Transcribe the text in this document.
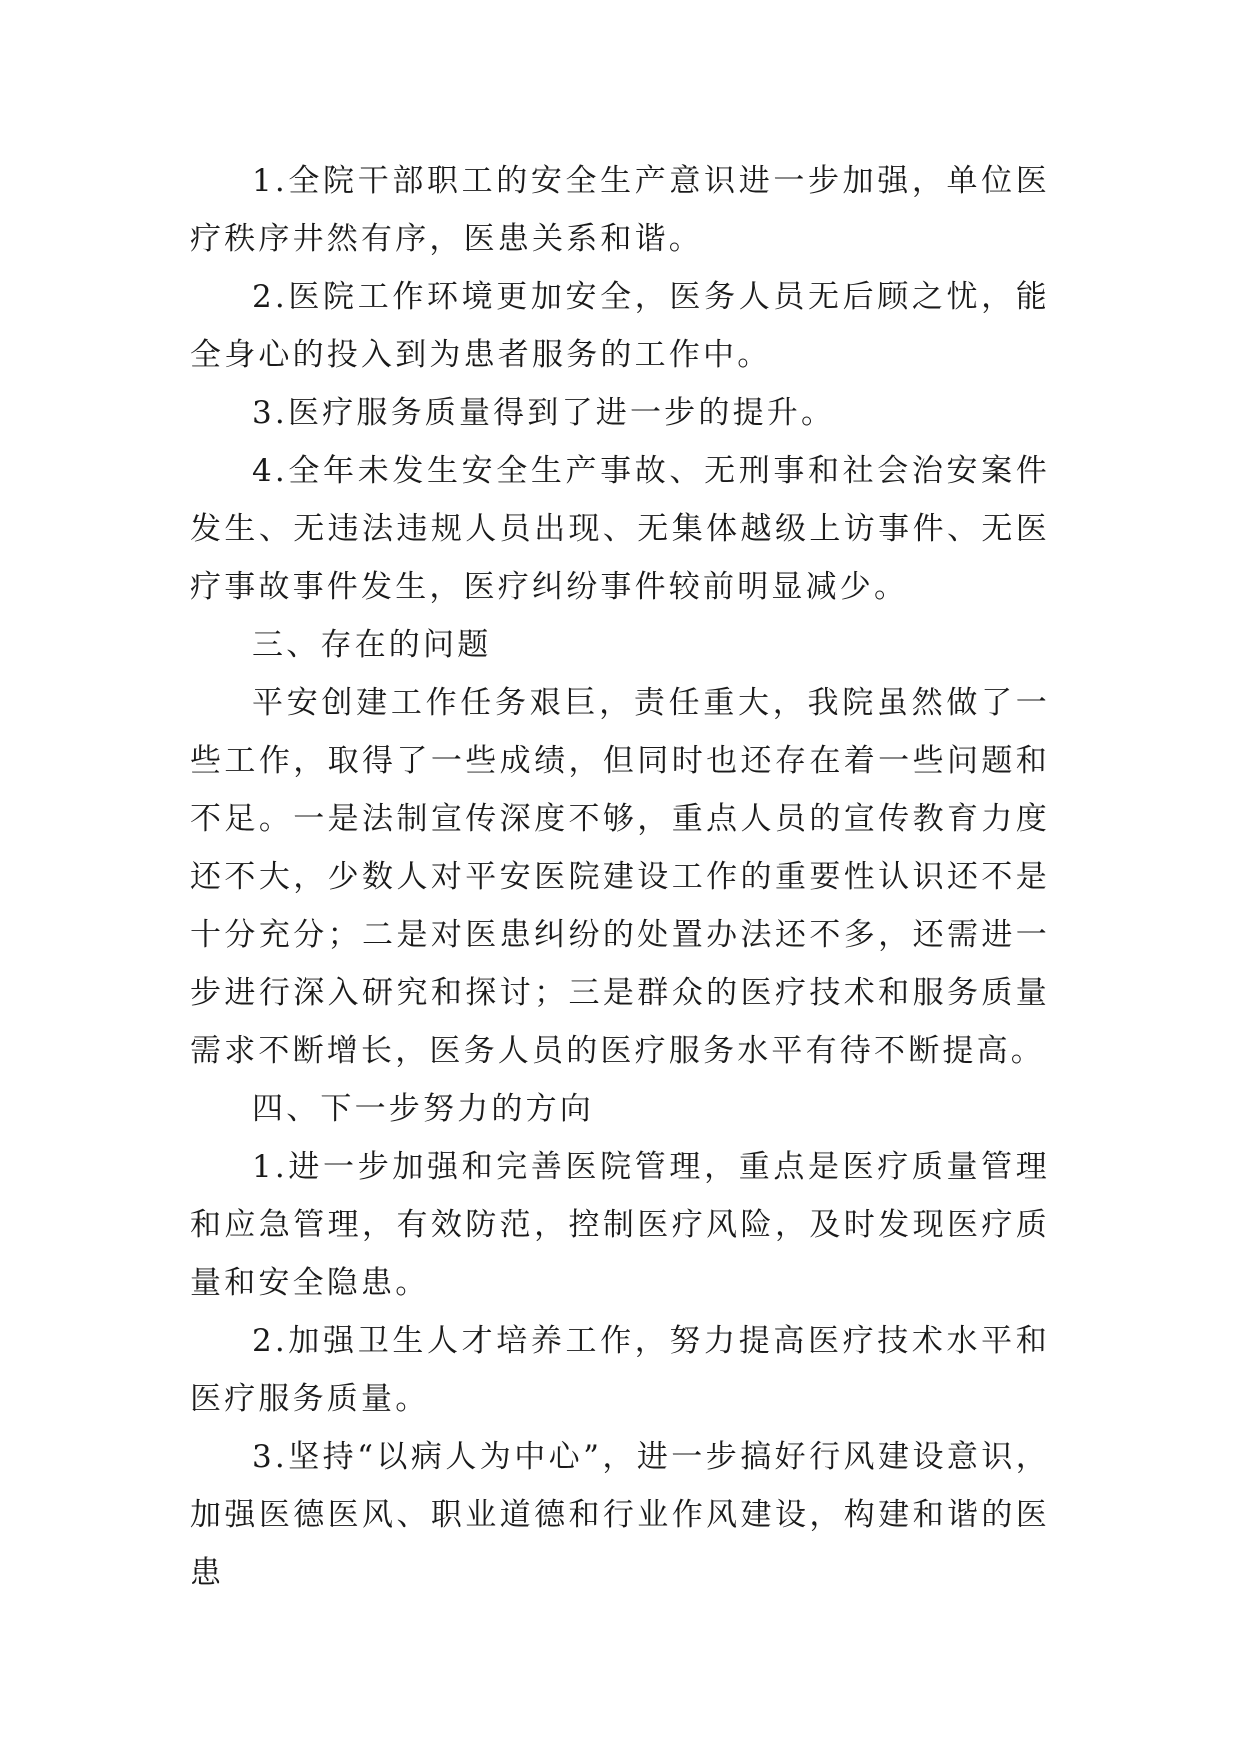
1.全院干部职工的安全生产意识进一步加强，单位医疗秩序井然有序，医患关系和谐。

2.医院工作环境更加安全，医务人员无后顾之忧，能全身心的投入到为患者服务的工作中。

3.医疗服务质量得到了进一步的提升。

4.全年未发生安全生产事故、无刑事和社会治安案件发生、无违法违规人员出现、无集体越级上访事件、无医疗事故事件发生，医疗纠纷事件较前明显减少。

三、存在的问题

平安创建工作任务艰巨，责任重大，我院虽然做了一些工作，取得了一些成绩，但同时也还存在着一些问题和不足。一是法制宣传深度不够，重点人员的宣传教育力度还不大，少数人对平安医院建设工作的重要性认识还不是十分充分；二是对医患纠纷的处置办法还不多，还需进一步进行深入研究和探讨；三是群众的医疗技术和服务质量需求不断增长，医务人员的医疗服务水平有待不断提高。

四、下一步努力的方向

1.进一步加强和完善医院管理，重点是医疗质量管理和应急管理，有效防范，控制医疗风险，及时发现医疗质量和安全隐患。

2.加强卫生人才培养工作，努力提高医疗技术水平和医疗服务质量。

3.坚持“以病人为中心”，进一步搞好行风建设意识，加强医德医风、职业道德和行业作风建设，构建和谐的医患
